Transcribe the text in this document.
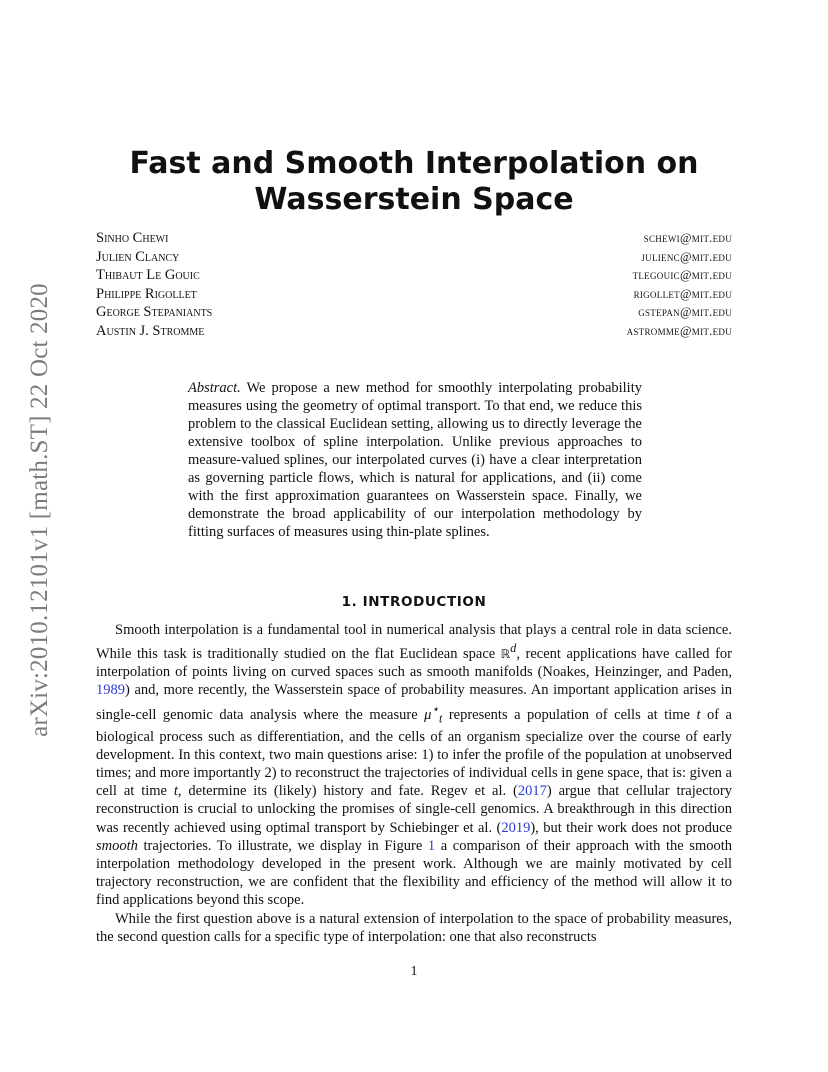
arXiv:2010.12101v1 [math.ST] 22 Oct 2020
Fast and Smooth Interpolation on
Wasserstein Space
Sinho Chewi	schewi@mit.edu
Julien Clancy	julienc@mit.edu
Thibaut Le Gouic	tlegouic@mit.edu
Philippe Rigollet	rigollet@mit.edu
George Stepaniants	gstepan@mit.edu
Austin J. Stromme	astromme@mit.edu
Abstract. We propose a new method for smoothly interpolating probability measures using the geometry of optimal transport. To that end, we reduce this problem to the classical Euclidean setting, allowing us to directly leverage the extensive toolbox of spline interpolation. Unlike previous approaches to measure-valued splines, our interpolated curves (i) have a clear interpretation as governing particle flows, which is natural for applications, and (ii) come with the first approximation guarantees on Wasserstein space. Finally, we demonstrate the broad applicability of our interpolation methodology by fitting surfaces of measures using thin-plate splines.
1. INTRODUCTION

Smooth interpolation is a fundamental tool in numerical analysis that plays a central role in data science. While this task is traditionally studied on the flat Euclidean space ℝ$^d$, recent applications have called for interpolation of points living on curved spaces such as smooth manifolds (Noakes, Heinzinger, and Paden, 1989) and, more recently, the Wasserstein space of probability measures. An important application arises in single-cell genomic data analysis where the measure $\mu^⋆_t$ represents a population of cells at time t of a biological process such as differentiation, and the cells of an organism specialize over the course of early development. In this context, two main questions arise: 1) to infer the profile of the population at unobserved times; and more importantly 2) to reconstruct the trajectories of individual cells in gene space, that is: given a cell at time t, determine its (likely) history and fate. Regev et al. (2017) argue that cellular trajectory reconstruction is crucial to unlocking the promises of single-cell genomics. A breakthrough in this direction was recently achieved using optimal transport by Schiebinger et al. (2019), but their work does not produce smooth trajectories. To illustrate, we display in Figure 1 a comparison of their approach with the smooth interpolation methodology developed in the present work. Although we are mainly motivated by cell trajectory reconstruction, we are confident that the flexibility and efficiency of the method will allow it to find applications beyond this scope.

While the first question above is a natural extension of interpolation to the space of probability measures, the second question calls for a specific type of interpolation: one that also reconstructs

1
